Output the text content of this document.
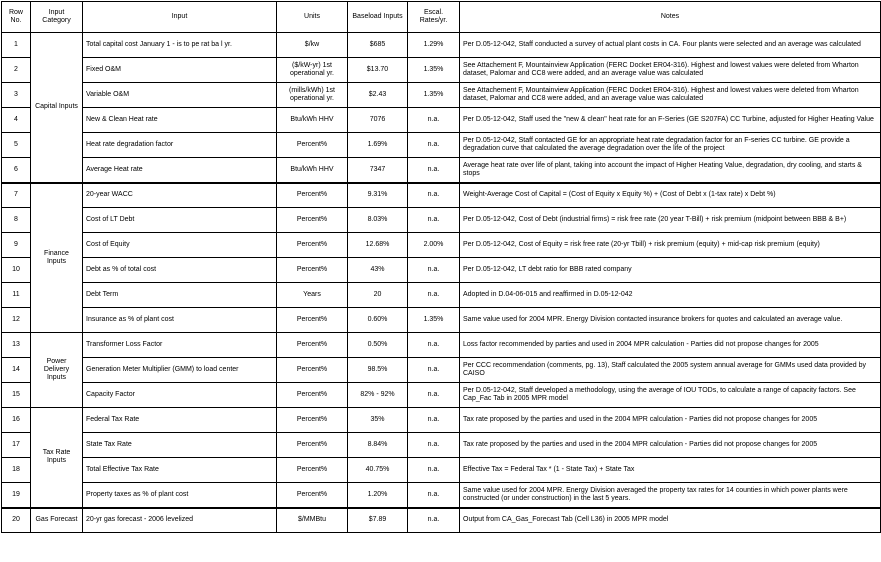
Row No.	Input Category	Input	Units	Baseload Inputs	Escal. Rates/yr.	Notes
1	Capital Inputs	Total capital cost January 1 - is to pe rat ba l yr.	$/kw	$685	1.29%	Per D.05-12-042, Staff conducted a survey of actual plant costs in CA. Four plants were selected and an average was calculated
2		Fixed O&M	($/kW-yr) 1st operational yr.	$13.70	1.35%	See Attachement F, Mountainview Application (FERC Docket ER04-316). Highest and lowest values were deleted from Wharton dataset, Palomar and CC8 were added, and an average value was calculated
3		Variable O&M	(mills/kWh) 1st operational yr.	$2.43	1.35%	See Attachement F, Mountainview Application (FERC Docket ER04-316). Highest and lowest values were deleted from Wharton dataset, Palomar and CC8 were added, and an average value was calculated
4		New & Clean Heat rate	Btu/kWh HHV	7076	n.a.	Per D.05-12-042, Staff used the "new & clean" heat rate for an F-Series (GE S207FA) CC Turbine, adjusted for Higher Heating Value
5		Heat rate degradation factor	Percent%	1.69%	n.a.	Per D.05-12-042, Staff contacted GE for an appropriate heat rate degradation factor for an F-series CC turbine. GE provide a degradation curve that calculated the average degradation over the life of the project
6		Average Heat rate	Btu/kWh HHV	7347	n.a.	Average heat rate over life of plant, taking into account the impact of Higher Heating Value, degradation, dry cooling, and starts & stops
7	Finance Inputs	20-year WACC	Percent%	9.31%	n.a.	Weight-Average Cost of Capital = (Cost of Equity x Equity %) + (Cost of Debt x (1-tax rate) x Debt %)
8		Cost of LT Debt	Percent%	8.03%	n.a.	Per D.05-12-042, Cost of Debt (industrial firms) = risk free rate (20 year T-Bill) + risk premium (midpoint between BBB & B+)
9		Cost of Equity	Percent%	12.68%	2.00%	Per D.05-12-042, Cost of Equity = risk free rate (20-yr Tbill) + risk premium (equity) + mid-cap risk premium (equity)
10		Debt as % of total cost	Percent%	43%	n.a.	Per D.05-12-042, LT debt ratio for BBB rated company
11		Debt Term	Years	20	n.a.	Adopted in D.04-06-015 and reaffirmed in D.05-12-042
12		Insurance as % of plant cost	Percent%	0.60%	1.35%	Same value used for 2004 MPR. Energy Division contacted insurance brokers for quotes and calculated an average value.
13	Power Delivery Inputs	Transformer Loss Factor	Percent%	0.50%	n.a.	Loss factor recommended by parties and used in 2004 MPR calculation - Parties did not propose changes for 2005
14		Generation Meter Multiplier (GMM) to load center	Percent%	98.5%	n.a.	Per CCC recommendation (comments, pg. 13), Staff calculated the 2005 system annual average for GMMs used data provided by CAISO
15		Capacity Factor	Percent%	82% - 92%	n.a.	Per D.05-12-042, Staff developed a methodology, using the average of IOU TODs, to calculate a range of capacity factors. See Cap_Fac Tab in 2005 MPR model
16	Tax Rate Inputs	Federal Tax Rate	Percent%	35%	n.a.	Tax rate proposed by the parties and used in the 2004 MPR calculation - Parties did not propose changes for 2005
17		State Tax Rate	Percent%	8.84%	n.a.	Tax rate proposed by the parties and used in the 2004 MPR calculation - Parties did not propose changes for 2005
18		Total Effective Tax Rate	Percent%	40.75%	n.a.	Effective Tax = Federal Tax * (1 - State Tax) + State Tax
19		Property taxes as % of plant cost	Percent%	1.20%	n.a.	Same value used for 2004 MPR. Energy Division averaged the property tax rates for 14 counties in which power plants were constructed (or under construction) in the last 5 years.
20	Gas Forecast	20-yr gas forecast - 2006 levelized	$/MMBtu	$7.89	n.a.	Output from CA_Gas_Forecast Tab (Cell L36) in 2005 MPR model
